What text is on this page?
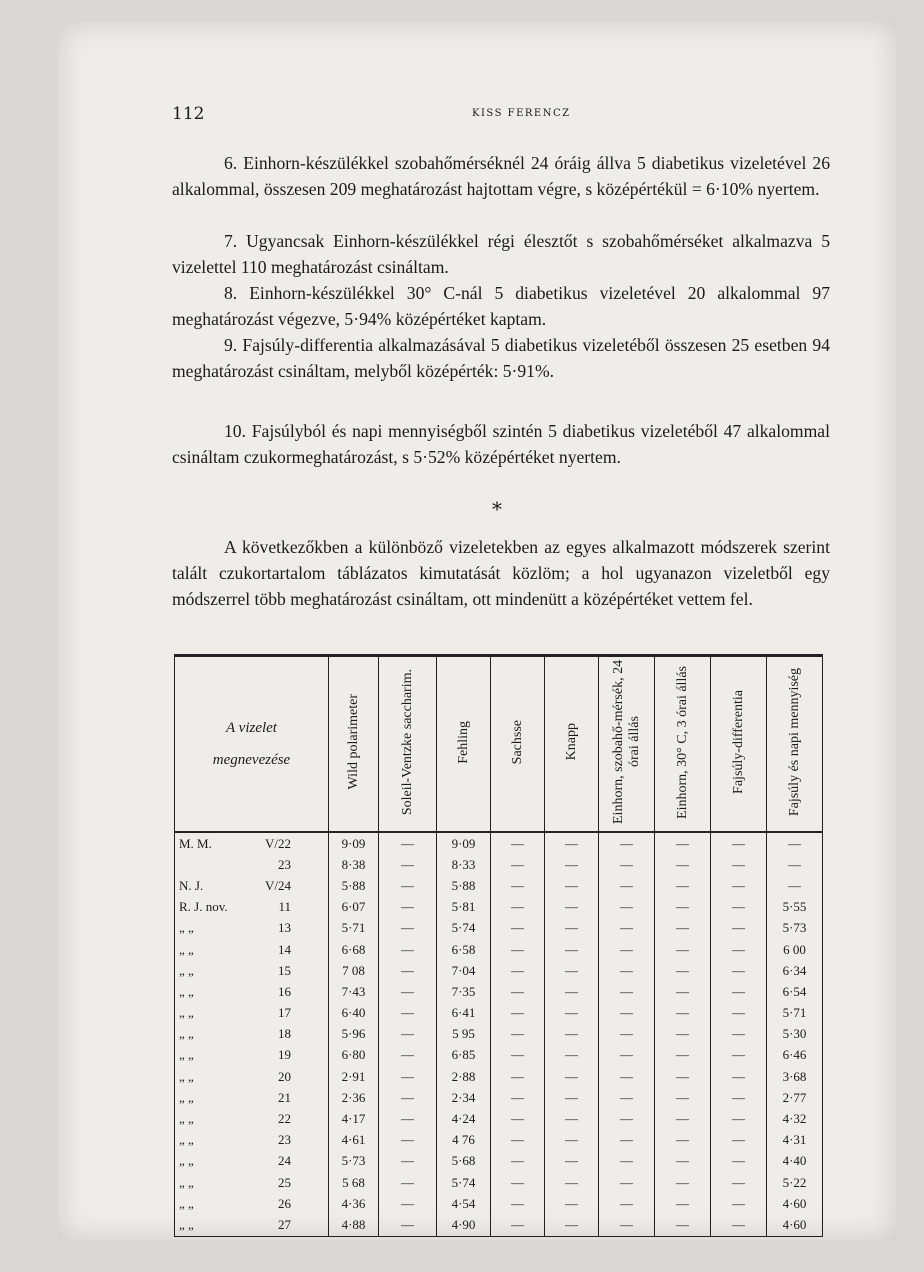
112	KISS FERENCZ

6. Einhorn-készülékkel szobahőmérséknél 24 óráig állva 5 diabetikus vizeletével 26 alkalommal, összesen 209 meghatározást hajtottam végre, s középértékül = 6·10% nyertem.

7. Ugyancsak Einhorn-készülékkel régi élesztőt s szobahőmérséket alkalmazva 5 vizelettel 110 meghatározást csináltam.

8. Einhorn-készülékkel 30° C-nál 5 diabetikus vizeletével 20 alkalommal 97 meghatározást végezve, 5·94% középértéket kaptam.

9. Fajsúly-differentia alkalmazásával 5 diabetikus vizeletéből összesen 25 esetben 94 meghatározást csináltam, melyből középérték: 5·91%.

10. Fajsúlyból és napi mennyiségből szintén 5 diabetikus vizeletéből 47 alkalommal csináltam czukormeghatározást, s 5·52% középértéket nyertem.

*

A következőkben a különböző vizeletekben az egyes alkalmazott módszerek szerint talált czukortartalom táblázatos kimutatását közlöm; a hol ugyanazon vizeletből egy módszerrel több meghatározást csináltam, ott mindenütt a középértéket vettem fel.

A vizelet
megnevezése	Wild polarimeter	Soleil-Ventzke saccharim.	Fehling	Sachsse	Knapp	Einhorn, szobahő-mérsék, 24 órai állás	Einhorn, 30° C, 3 órai állás	Fajsúly-differentia	Fajsúly és napi mennyiség
M. M. V/22	9·09	—	9·09	—	—	—	—	—	—
23	8·38	—	8·33	—	—	—	—	—	—
N. J. V/24	5·88	—	5·88	—	—	—	—	—	—
R. J. nov. 11	6·07	—	5·81	—	—	—	—	—	5·55
„ „ 13	5·71	—	5·74	—	—	—	—	—	5·73
„ „ 14	6·68	—	6·58	—	—	—	—	—	6 00
„ „ 15	7 08	—	7·04	—	—	—	—	—	6·34
„ „ 16	7·43	—	7·35	—	—	—	—	—	6·54
„ „ 17	6·40	—	6·41	—	—	—	—	—	5·71
„ „ 18	5·96	—	5 95	—	—	—	—	—	5·30
„ „ 19	6·80	—	6·85	—	—	—	—	—	6·46
„ „ 20	2·91	—	2·88	—	—	—	—	—	3·68
„ „ 21	2·36	—	2·34	—	—	—	—	—	2·77
„ „ 22	4·17	—	4·24	—	—	—	—	—	4·32
„ „ 23	4·61	—	4 76	—	—	—	—	—	4·31
„ „ 24	5·73	—	5·68	—	—	—	—	—	4·40
„ „ 25	5 68	—	5·74	—	—	—	—	—	5·22
„ „ 26	4·36	—	4·54	—	—	—	—	—	4·60
„ „ 27	4·88	—	4·90	—	—	—	—	—	4·60
